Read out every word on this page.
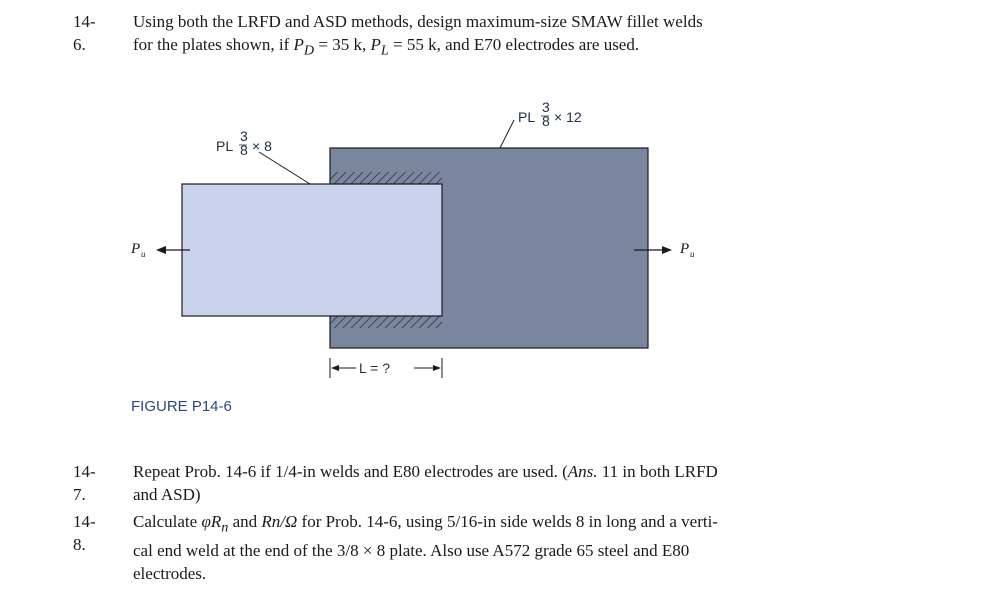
14-6.
Using both the LRFD and ASD methods, design maximum-size SMAW fillet welds
for the plates shown, if $P_D = 35$ k, $P_L = 55$ k, and E70 electrodes are used.
PL
3
8 × 8
PL
3
8 × 12
P u	P u
L = ?
FIGURE P14-6
14-7.
Repeat Prob. 14-6 if 1/4-in welds and E80 electrodes are used. (Ans. 11 in both LRFD
and ASD)
14-8.
Calculate $\varphi R_n$ and Rn/Ω for Prob. 14-6, using 5/16-in side welds 8 in long and a verti-
cal end weld at the end of the 3/8 × 8 plate. Also use A572 grade 65 steel and E80
electrodes.
